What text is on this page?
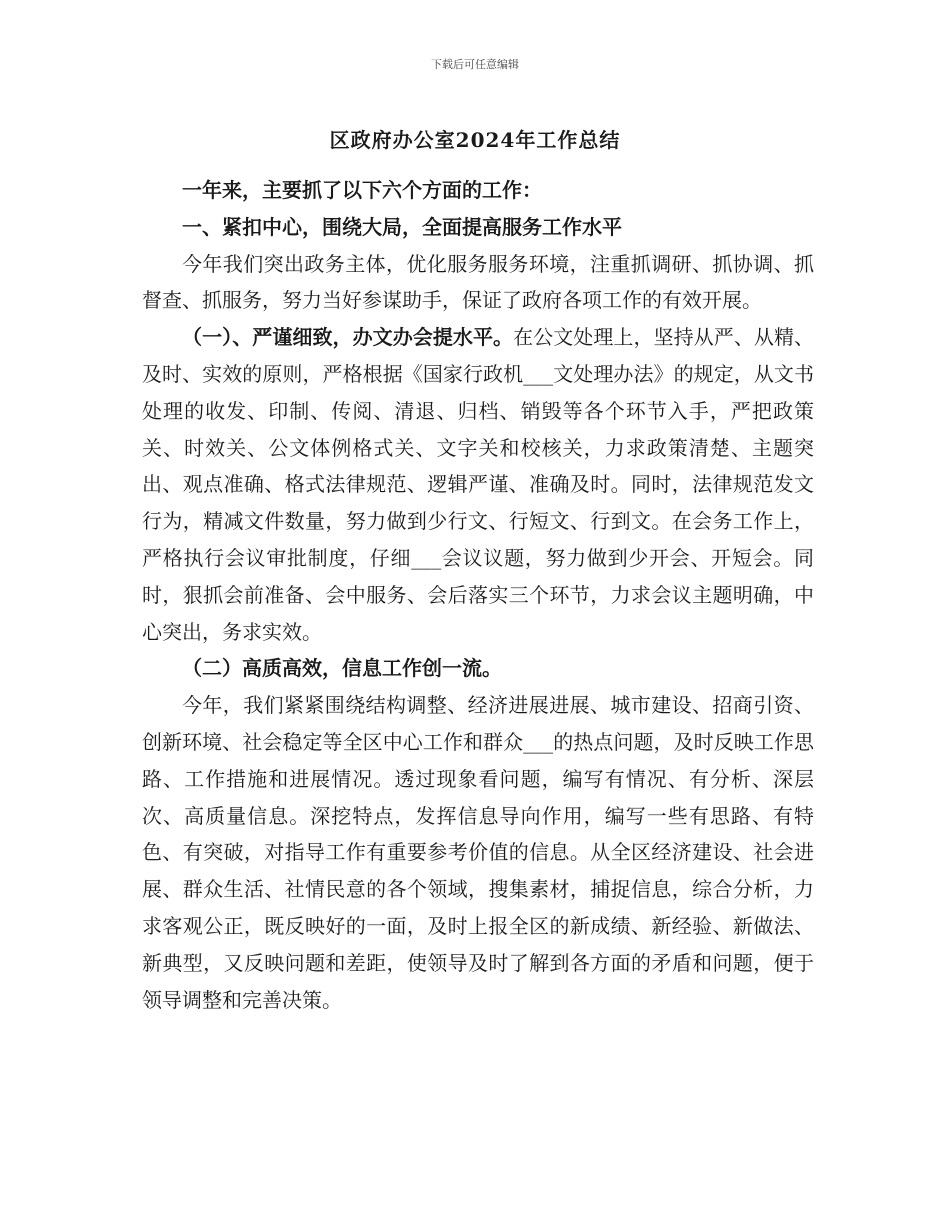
下载后可任意编辑
区政府办公室2024年工作总结
一年来，主要抓了以下六个方面的工作：
一、紧扣中心，围绕大局，全面提高服务工作水平

今年我们突出政务主体，优化服务服务环境，注重抓调研、抓协调、抓督查、抓服务，努力当好参谋助手，保证了政府各项工作的有效开展。

（一）、严谨细致，办文办会提水平。在公文处理上，坚持从严、从精、及时、实效的原则，严格根据《国家行政机___文处理办法》的规定，从文书处理的收发、印制、传阅、清退、归档、销毁等各个环节入手，严把政策关、时效关、公文体例格式关、文字关和校核关，力求政策清楚、主题突出、观点准确、格式法律规范、逻辑严谨、准确及时。同时，法律规范发文行为，精减文件数量，努力做到少行文、行短文、行到文。在会务工作上，严格执行会议审批制度，仔细___会议议题，努力做到少开会、开短会。同时，狠抓会前准备、会中服务、会后落实三个环节，力求会议主题明确，中心突出，务求实效。

（二）高质高效，信息工作创一流。

今年，我们紧紧围绕结构调整、经济进展进展、城市建设、招商引资、创新环境、社会稳定等全区中心工作和群众___的热点问题，及时反映工作思路、工作措施和进展情况。透过现象看问题，编写有情况、有分析、深层次、高质量信息。深挖特点，发挥信息导向作用，编写一些有思路、有特色、有突破，对指导工作有重要参考价值的信息。从全区经济建设、社会进展、群众生活、社情民意的各个领域，搜集素材，捕捉信息，综合分析，力求客观公正，既反映好的一面，及时上报全区的新成绩、新经验、新做法、新典型，又反映问题和差距，使领导及时了解到各方面的矛盾和问题，便于领导调整和完善决策。
